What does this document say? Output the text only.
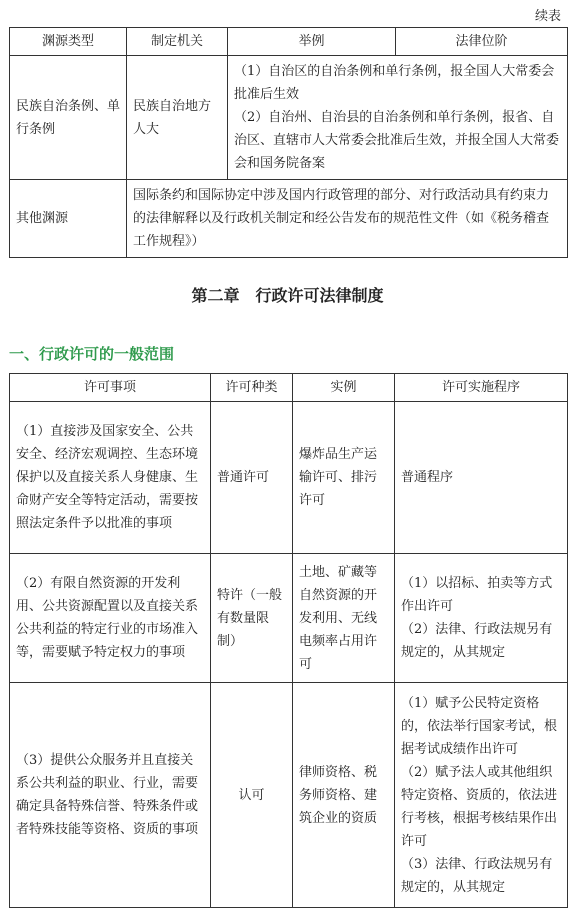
续表
渊源类型	制定机关	举例	法律位阶
民族自治条例、单行条例	民族自治地方人大	（1）自治区的自治条例和单行条例，报全国人大常委会批准后生效
（2）自治州、自治县的自治条例和单行条例，报省、自治区、直辖市人大常委会批准后生效，并报全国人大常委会和国务院备案	

其他渊源	国际条约和国际协定中涉及国内行政管理的部分、对行政活动具有约束力的法律解释以及行政机关制定和经公告发布的规范性文件（如《税务稽查工作规程》）		
第二章　行政许可法律制度
一、行政许可的一般范围
许可事项	许可种类	实例	许可实施程序
（1）直接涉及国家安全、公共安全、经济宏观调控、生态环境保护以及直接关系人身健康、生命财产安全等特定活动，需要按照法定条件予以批准的事项	普通许可	爆炸品生产运输许可、排污许可	普通程序

（2）有限自然资源的开发利用、公共资源配置以及直接关系公共利益的特定行业的市场准入等，需要赋予特定权力的事项	特许（一般有数量限制）	土地、矿藏等自然资源的开发利用、无线电频率占用许可	（1）以招标、拍卖等方式作出许可
（2）法律、行政法规另有规定的，从其规定

（3）提供公众服务并且直接关系公共利益的职业、行业，需要确定具备特殊信誉、特殊条件或者特殊技能等资格、资质的事项	认可	律师资格、税务师资格、建筑企业的资质	（1）赋予公民特定资格的，依法举行国家考试，根据考试成绩作出许可
（2）赋予法人或其他组织特定资格、资质的，依法进行考核，根据考核结果作出许可
（3）法律、行政法规另有规定的，从其规定
